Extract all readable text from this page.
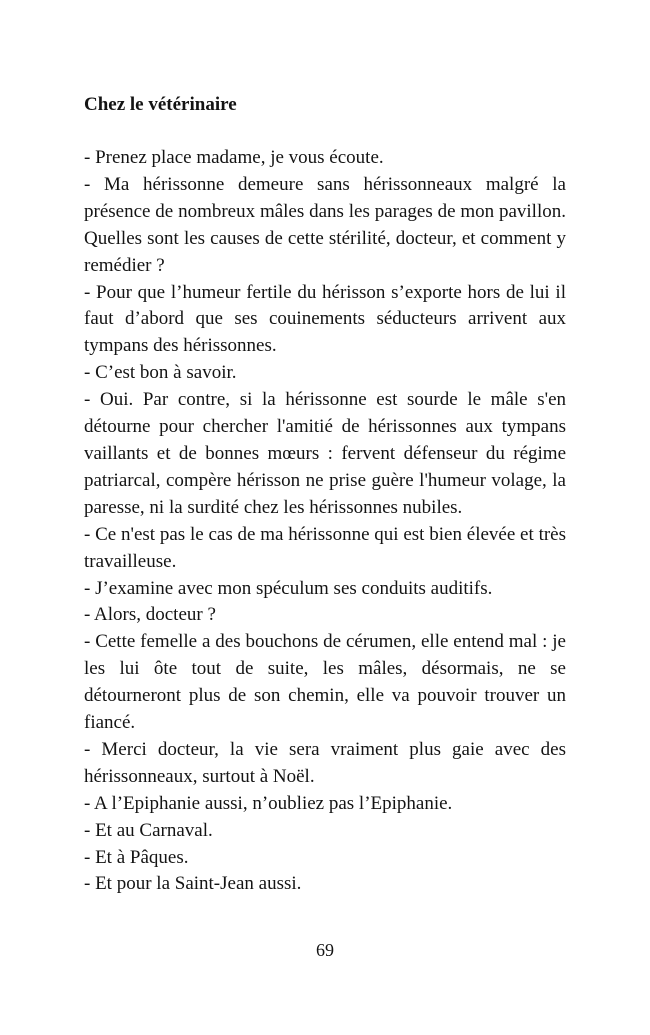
Chez le vétérinaire

- Prenez place madame, je vous écoute.

- Ma hérissonne demeure sans hérissonneaux malgré la présence de nombreux mâles dans les parages de mon pavillon. Quelles sont les causes de cette stérilité, docteur, et comment y remédier ?

- Pour que l’humeur fertile du hérisson s’exporte hors de lui il faut d’abord que ses couinements séducteurs arrivent aux tympans des hérissonnes.

- C’est bon à savoir.

- Oui. Par contre, si la hérissonne est sourde le mâle s'en détourne pour chercher l'amitié de hérissonnes aux tympans vaillants et de bonnes mœurs : fervent défenseur du régime patriarcal, compère hérisson ne prise guère l'humeur volage, la paresse, ni la surdité chez les hérissonnes nubiles.

- Ce n'est pas le cas de ma hérissonne qui est bien élevée et très travailleuse.

- J’examine avec mon spéculum ses conduits auditifs.

- Alors, docteur ?

- Cette femelle a des bouchons de cérumen, elle entend mal : je les lui ôte tout de suite, les mâles, désormais, ne se détourneront plus de son chemin, elle va pouvoir trouver un fiancé.

- Merci docteur, la vie sera vraiment plus gaie avec des hérissonneaux, surtout à Noël.

- A l’Epiphanie aussi, n’oubliez pas l’Epiphanie.

- Et au Carnaval.

- Et à Pâques.

- Et pour la Saint-Jean aussi.

69
